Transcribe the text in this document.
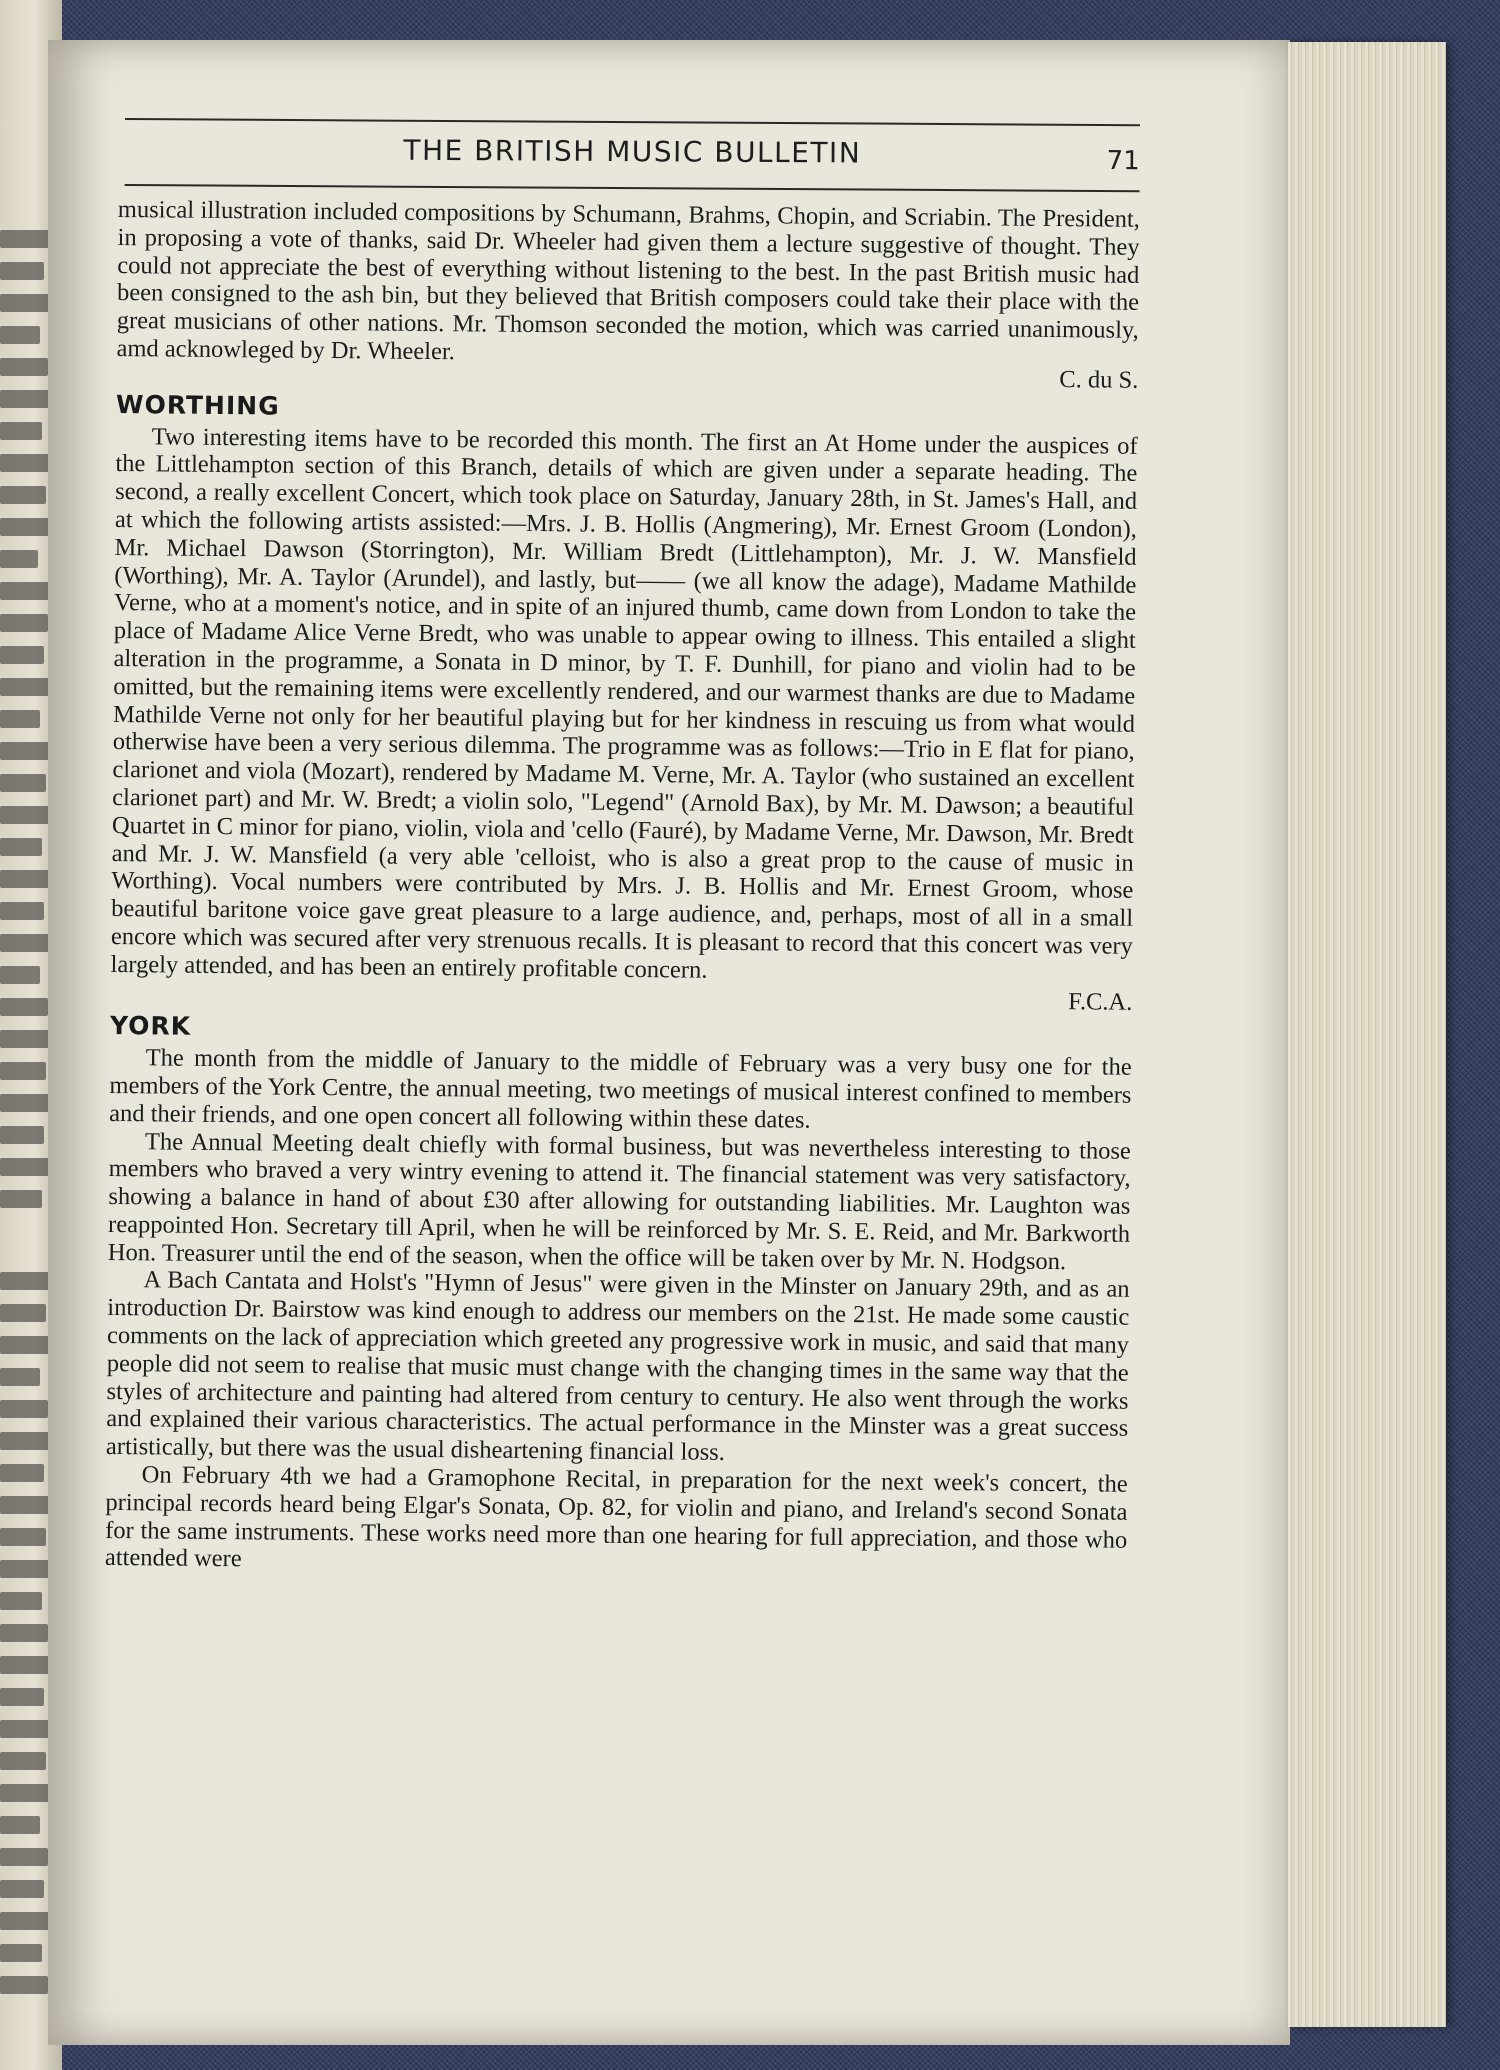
THE BRITISH MUSIC BULLETIN	71

musical illustration included compositions by Schumann, Brahms, Chopin, and Scriabin. The President, in proposing a vote of thanks, said Dr. Wheeler had given them a lecture suggestive of thought. They could not appreciate the best of everything without listening to the best. In the past British music had been consigned to the ash bin, but they believed that British composers could take their place with the great musicians of other nations. Mr. Thomson seconded the motion, which was carried unanimously, amd acknowleged by Dr. Wheeler.

C. du S.
WORTHING

Two interesting items have to be recorded this month. The first an At Home under the auspices of the Littlehampton section of this Branch, details of which are given under a separate heading. The second, a really excellent Concert, which took place on Saturday, January 28th, in St. James's Hall, and at which the following artists assisted:—Mrs. J. B. Hollis (Angmering), Mr. Ernest Groom (London), Mr. Michael Dawson (Storrington), Mr. William Bredt (Littlehampton), Mr. J. W. Mansfield (Worthing), Mr. A. Taylor (Arundel), and lastly, but—— (we all know the adage), Madame Mathilde Verne, who at a moment's notice, and in spite of an injured thumb, came down from London to take the place of Madame Alice Verne Bredt, who was unable to appear owing to illness. This entailed a slight alteration in the programme, a Sonata in D minor, by T. F. Dunhill, for piano and violin had to be omitted, but the remaining items were excellently rendered, and our warmest thanks are due to Madame Mathilde Verne not only for her beautiful playing but for her kindness in rescuing us from what would otherwise have been a very serious dilemma. The programme was as follows:—Trio in E flat for piano, clarionet and viola (Mozart), rendered by Madame M. Verne, Mr. A. Taylor (who sustained an excellent clarionet part) and Mr. W. Bredt; a violin solo, "Legend" (Arnold Bax), by Mr. M. Dawson; a beautiful Quartet in C minor for piano, violin, viola and 'cello (Fauré), by Madame Verne, Mr. Dawson, Mr. Bredt and Mr. J. W. Mansfield (a very able 'celloist, who is also a great prop to the cause of music in Worthing). Vocal numbers were contributed by Mrs. J. B. Hollis and Mr. Ernest Groom, whose beautiful baritone voice gave great pleasure to a large audience, and, perhaps, most of all in a small encore which was secured after very strenuous recalls. It is pleasant to record that this concert was very largely attended, and has been an entirely profitable concern.

F.C.A.
YORK

The month from the middle of January to the middle of February was a very busy one for the members of the York Centre, the annual meeting, two meetings of musical interest confined to members and their friends, and one open concert all following within these dates.

The Annual Meeting dealt chiefly with formal business, but was nevertheless interesting to those members who braved a very wintry evening to attend it. The financial statement was very satisfactory, showing a balance in hand of about £30 after allowing for outstanding liabilities. Mr. Laughton was reappointed Hon. Secretary till April, when he will be reinforced by Mr. S. E. Reid, and Mr. Barkworth Hon. Treasurer until the end of the season, when the office will be taken over by Mr. N. Hodgson.

A Bach Cantata and Holst's "Hymn of Jesus" were given in the Minster on January 29th, and as an introduction Dr. Bairstow was kind enough to address our members on the 21st. He made some caustic comments on the lack of appreciation which greeted any progressive work in music, and said that many people did not seem to realise that music must change with the changing times in the same way that the styles of architecture and painting had altered from century to century. He also went through the works and explained their various characteristics. The actual performance in the Minster was a great success artistically, but there was the usual disheartening financial loss.

On February 4th we had a Gramophone Recital, in preparation for the next week's concert, the principal records heard being Elgar's Sonata, Op. 82, for violin and piano, and Ireland's second Sonata for the same instruments. These works need more than one hearing for full appreciation, and those who attended were
